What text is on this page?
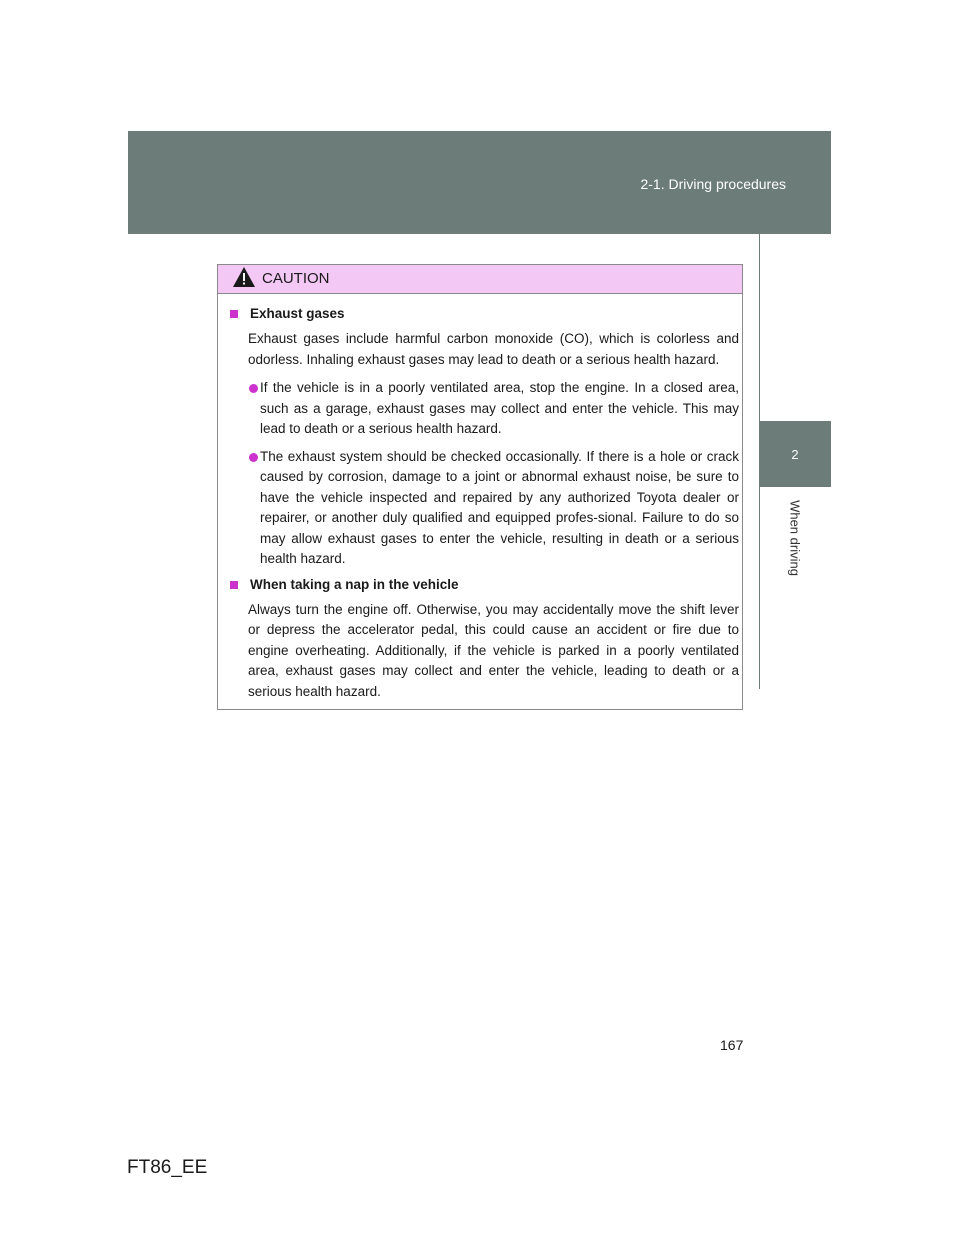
2-1. Driving procedures
2
When driving
CAUTION
Exhaust gases

Exhaust gases include harmful carbon monoxide (CO), which is colorless and odorless. Inhaling exhaust gases may lead to death or a serious health hazard.

If the vehicle is in a poorly ventilated area, stop the engine. In a closed area, such as a garage, exhaust gases may collect and enter the vehicle. This may lead to death or a serious health hazard.
The exhaust system should be checked occasionally. If there is a hole or crack caused by corrosion, damage to a joint or abnormal exhaust noise, be sure to have the vehicle inspected and repaired by any authorized Toyota dealer or repairer, or another duly qualified and equipped profes-sional. Failure to do so may allow exhaust gases to enter the vehicle, resulting in death or a serious health hazard.
When taking a nap in the vehicle

Always turn the engine off. Otherwise, you may accidentally move the shift lever or depress the accelerator pedal, this could cause an accident or fire due to engine overheating. Additionally, if the vehicle is parked in a poorly ventilated area, exhaust gases may collect and enter the vehicle, leading to death or a serious health hazard.

167
FT86_EE
